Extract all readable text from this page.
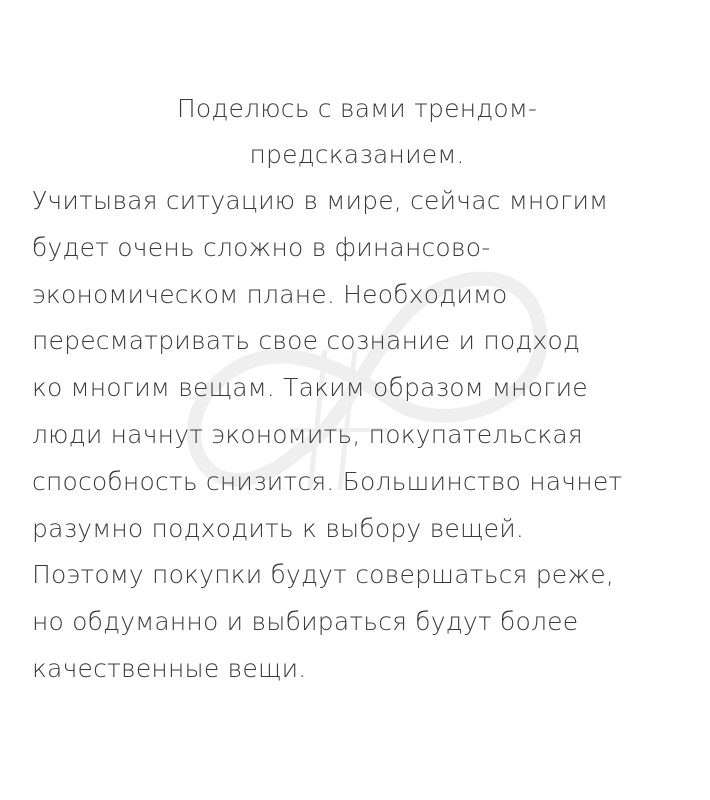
Поделюсь с вами трендом-
предсказанием.

Учитывая ситуацию в мире, сейчас многим
будет очень сложно в финансово-
экономическом плане. Необходимо
пересматривать свое сознание и подход
ко многим вещам. Таким образом многие
люди начнут экономить, покупательская
способность снизится. Большинство начнет
разумно подходить к выбору вещей.
Поэтому покупки будут совершаться реже,
но обдуманно и выбираться будут более
качественные вещи.
